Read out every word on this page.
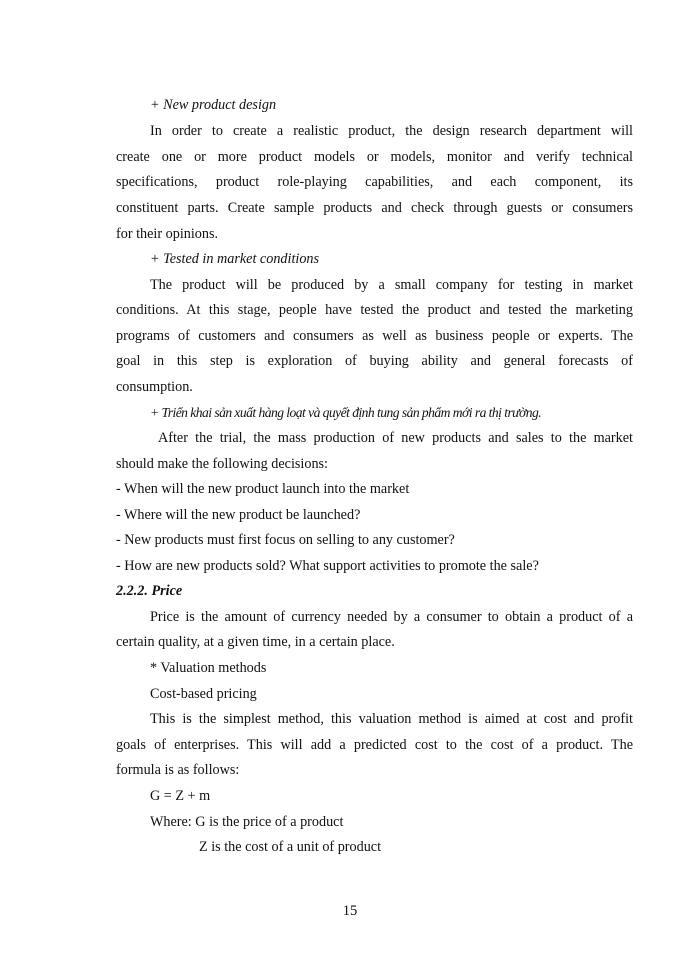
+ New product design
In order to create a realistic product, the design research department will
create one or more product models or models, monitor and verify technical
specifications, product role-playing capabilities, and each component, its
constituent parts. Create sample products and check through guests or consumers
for their opinions.
+ Tested in market conditions
The product will be produced by a small company for testing in market
conditions. At this stage, people have tested the product and tested the marketing
programs of customers and consumers as well as business people or experts. The
goal in this step is exploration of buying ability and general forecasts of
consumption.
+ Triển khai sản xuất hàng loạt và quyết định tung sản phẩm mới ra thị trường.
After the trial, the mass production of new products and sales to the market
should make the following decisions:
- When will the new product launch into the market
- Where will the new product be launched?
- New products must first focus on selling to any customer?
- How are new products sold? What support activities to promote the sale?
2.2.2. Price
Price is the amount of currency needed by a consumer to obtain a product of a
certain quality, at a given time, in a certain place.
* Valuation methods
Cost-based pricing
This is the simplest method, this valuation method is aimed at cost and profit
goals of enterprises. This will add a predicted cost to the cost of a product. The
formula is as follows:
G = Z + m
Where: G is the price of a product
Z is the cost of a unit of product
15
